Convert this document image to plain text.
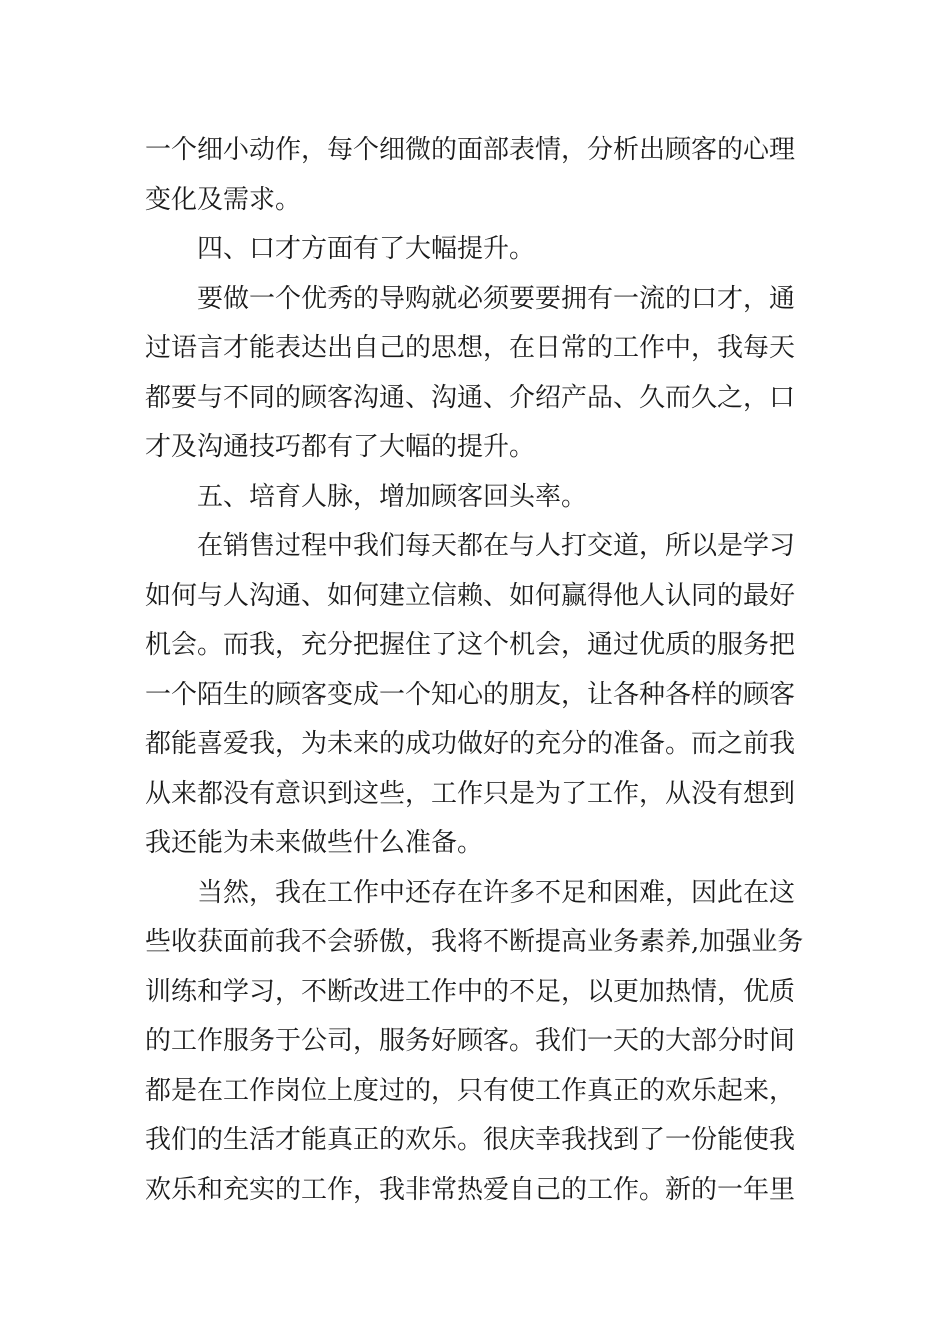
一个细小动作，每个细微的面部表情，分析出顾客的心理
变化及需求。
四、口才方面有了大幅提升。
要做一个优秀的导购就必须要要拥有一流的口才，通
过语言才能表达出自己的思想，在日常的工作中，我每天
都要与不同的顾客沟通、沟通、介绍产品、久而久之，口
才及沟通技巧都有了大幅的提升。
五、培育人脉，增加顾客回头率。
在销售过程中我们每天都在与人打交道，所以是学习
如何与人沟通、如何建立信赖、如何赢得他人认同的最好
机会。而我，充分把握住了这个机会，通过优质的服务把
一个陌生的顾客变成一个知心的朋友，让各种各样的顾客
都能喜爱我，为未来的成功做好的充分的准备。而之前我
从来都没有意识到这些，工作只是为了工作，从没有想到
我还能为未来做些什么准备。
当然，我在工作中还存在许多不足和困难，因此在这
些收获面前我不会骄傲，我将不断提高业务素养,加强业务
训练和学习，不断改进工作中的不足，以更加热情，优质
的工作服务于公司，服务好顾客。我们一天的大部分时间
都是在工作岗位上度过的，只有使工作真正的欢乐起来，
我们的生活才能真正的欢乐。很庆幸我找到了一份能使我
欢乐和充实的工作，我非常热爱自己的工作。新的一年里
